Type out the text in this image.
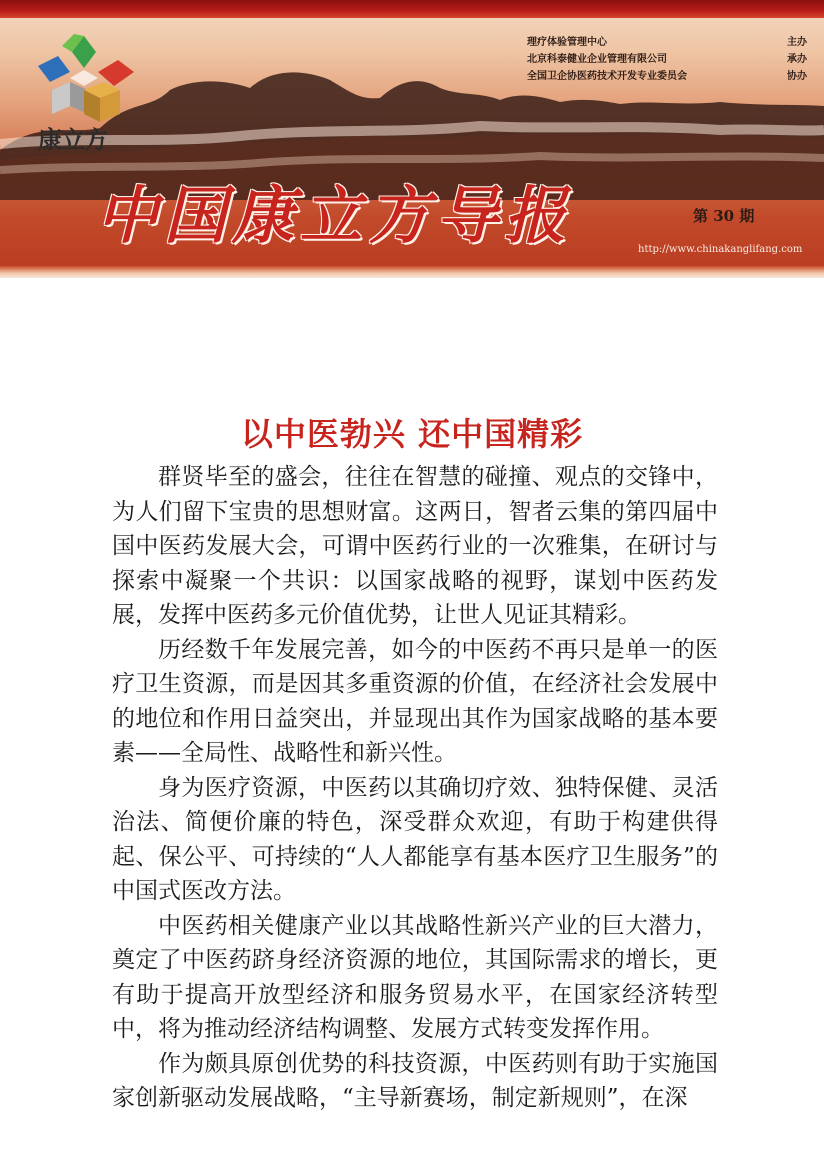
康立方
理疗体验管理中心	主办
北京科泰健业企业管理有限公司	承办
全国卫企协医药技术开发专业委员会	协办
中国康立方导报	第 30 期
http://www.chinakanglifang.com
以中医勃兴 还中国精彩

群贤毕至的盛会，往往在智慧的碰撞、观点的交锋中，为人们留下宝贵的思想财富。这两日，智者云集的第四届中国中医药发展大会，可谓中医药行业的一次雅集，在研讨与探索中凝聚一个共识：以国家战略的视野，谋划中医药发展，发挥中医药多元价值优势，让世人见证其精彩。

历经数千年发展完善，如今的中医药不再只是单一的医疗卫生资源，而是因其多重资源的价值，在经济社会发展中的地位和作用日益突出，并显现出其作为国家战略的基本要素——全局性、战略性和新兴性。

身为医疗资源，中医药以其确切疗效、独特保健、灵活治法、简便价廉的特色，深受群众欢迎，有助于构建供得起、保公平、可持续的“人人都能享有基本医疗卫生服务”的中国式医改方法。

中医药相关健康产业以其战略性新兴产业的巨大潜力，奠定了中医药跻身经济资源的地位，其国际需求的增长，更有助于提高开放型经济和服务贸易水平，在国家经济转型中，将为推动经济结构调整、发展方式转变发挥作用。

作为颇具原创优势的科技资源，中医药则有助于实施国家创新驱动发展战略，“主导新赛场，制定新规则”，在深
